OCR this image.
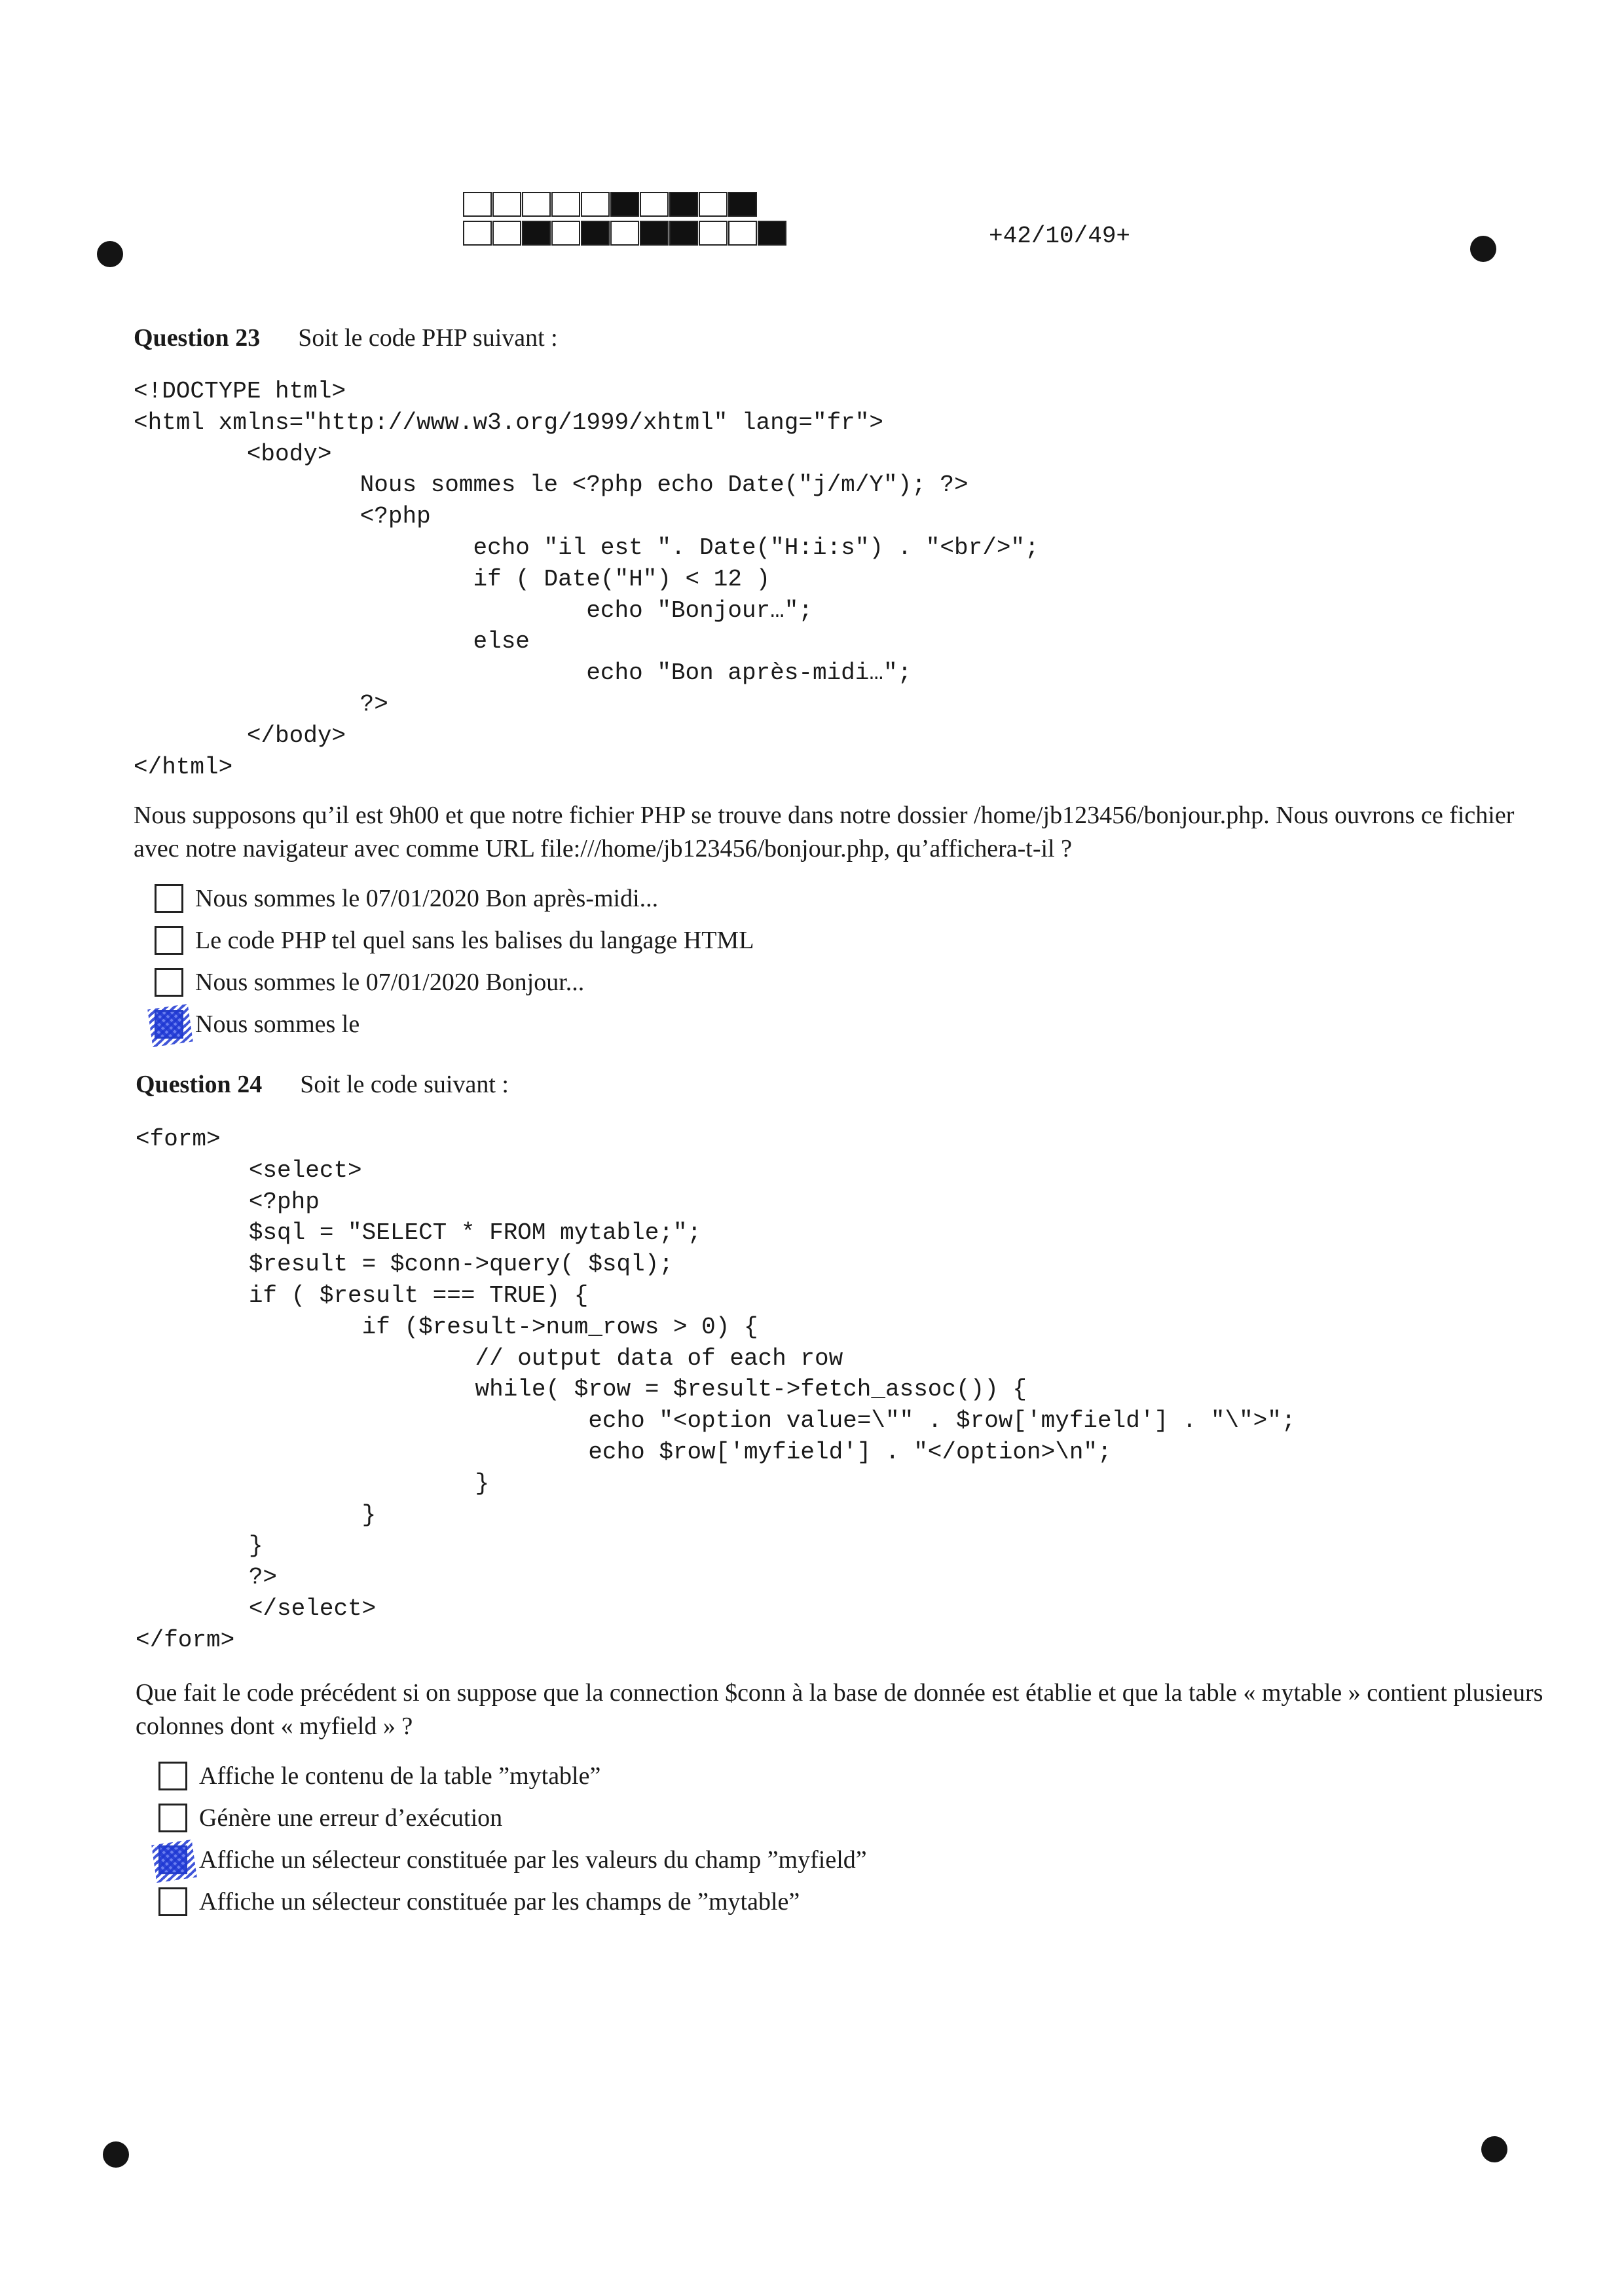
+42/10/49+
Question 23 Soit le code PHP suivant :
<!DOCTYPE html>
<html xmlns="http://www.w3.org/1999/xhtml" lang="fr">
<body>
Nous sommes le <?php echo Date("j/m/Y"); ?>
<?php
echo "il est ". Date("H:i:s") . "<br/>";
if ( Date("H") < 12 )
echo "Bonjour…";
else
echo "Bon après-midi…";
?>
</body>
</html>
Nous supposons qu’il est 9h00 et que notre fichier PHP se trouve dans notre dossier /home/jb123456/bonjour.php. Nous ouvrons ce fichier avec notre navigateur avec comme URL file:///home/jb123456/bonjour.php, qu’affichera-t-il ?
Nous sommes le 07/01/2020 Bon après-midi...
Le code PHP tel quel sans les balises du langage HTML
Nous sommes le 07/01/2020 Bonjour...
Nous sommes le
Question 24 Soit le code suivant :
<form>
<select>
<?php
$sql = "SELECT * FROM mytable;";
$result = $conn->query( $sql);
if ( $result === TRUE) {
if ($result->num_rows > 0) {
// output data of each row
while( $row = $result->fetch_assoc()) {
echo "<option value=\"" . $row['myfield'] . "\">";
echo $row['myfield'] . "</option>\n";
}
}
}
?>
</select>
</form>
Que fait le code précédent si on suppose que la connection $conn à la base de donnée est établie et que la table « mytable » contient plusieurs colonnes dont « myfield » ?
Affiche le contenu de la table ”mytable”
Génère une erreur d’exécution
Affiche un sélecteur constituée par les valeurs du champ ”myfield”
Affiche un sélecteur constituée par les champs de ”mytable”
